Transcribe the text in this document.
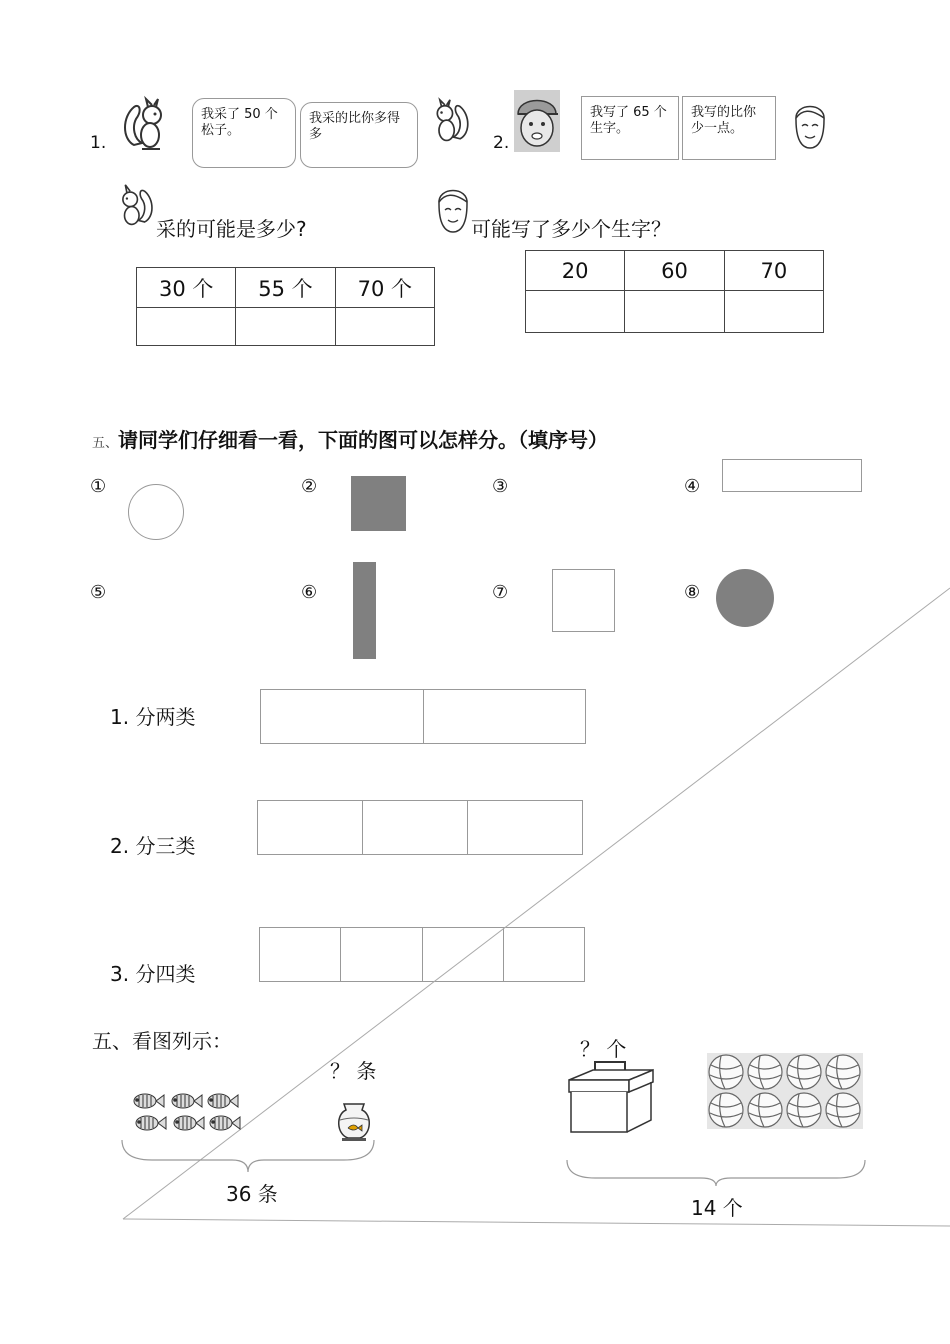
1.
我采了 50 个松子。
我采的比你多得多
采的可能是多少?
30 个	55 个	70 个

2.
我写了 65 个生字。
我写的比你少一点。
可能写了多少个生字？
20	60	70

五、请同学们仔细看一看，下面的图可以怎样分。（填序号）
①	②	③	④
⑤	⑥	⑦	⑧
1. 分两类
2. 分三类
3. 分四类
五、看图列示：
？ 条
36 条
？ 个
14 个
